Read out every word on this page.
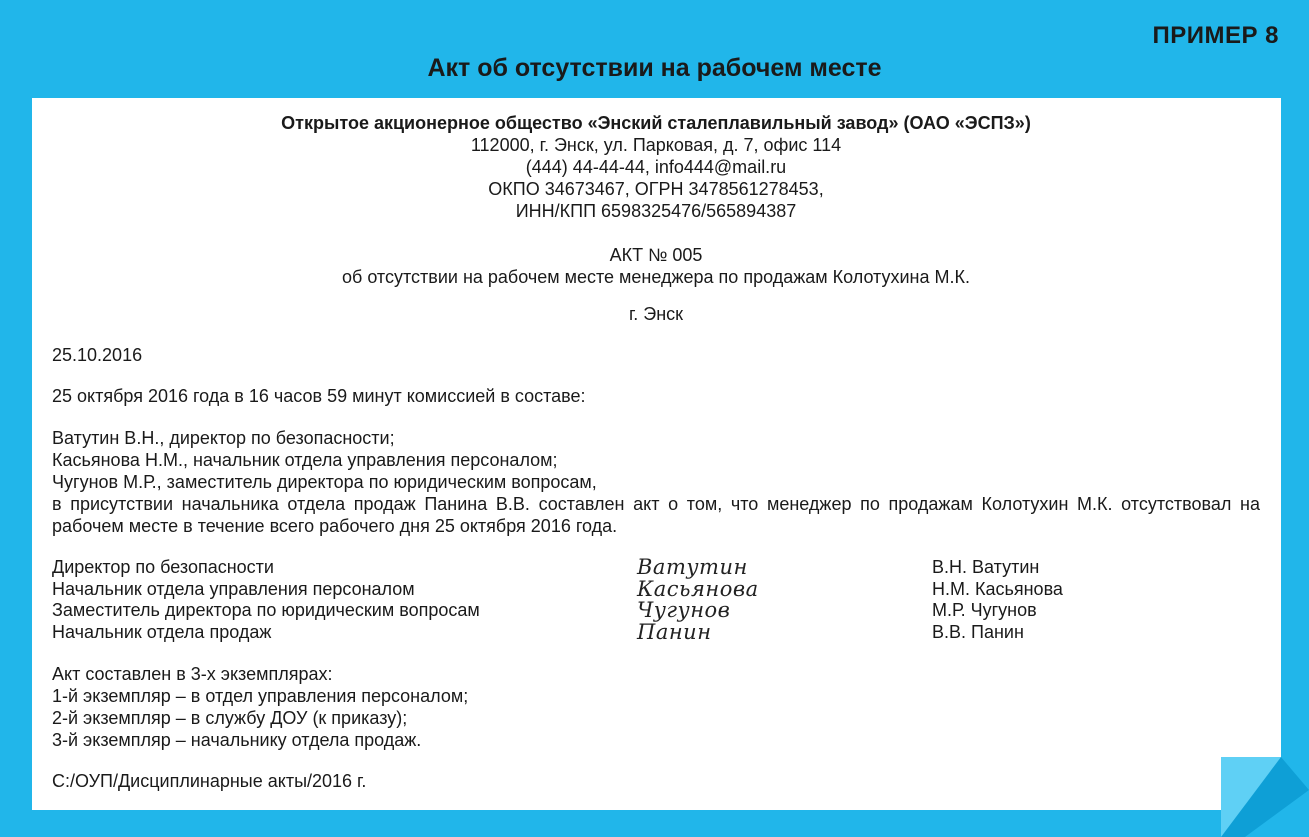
ПРИМЕР 8
Акт об отсутствии на рабочем месте
Открытое акционерное общество «Энский сталеплавильный завод» (ОАО «ЭСПЗ»)
112000, г. Энск, ул. Парковая, д. 7, офис 114
(444) 44-44-44, info444@mail.ru
ОКПО 34673467, ОГРН 3478561278453,
ИНН/КПП 6598325476/565894387
АКТ № 005
об отсутствии на рабочем месте менеджера по продажам Колотухина М.К.
г. Энск
25.10.2016
25 октября 2016 года в 16 часов 59 минут комиссией в составе:
Ватутин В.Н., директор по безопасности;
Касьянова Н.М., начальник отдела управления персоналом;
Чугунов М.Р., заместитель директора по юридическим вопросам,
в присутствии начальника отдела продаж Панина В.В. составлен акт о том, что менеджер по продажам Колотухин М.К. отсутствовал на рабочем месте в течение всего рабочего дня 25 октября 2016 года.
Директор по безопасности	Ватутин	В.Н. Ватутин
Начальник отдела управления персоналом	Касьянова	Н.М. Касьянова
Заместитель директора по юридическим вопросам	Чугунов	М.Р. Чугунов
Начальник отдела продаж	Панин	В.В. Панин
Акт составлен в 3-х экземплярах:
1-й экземпляр – в отдел управления персоналом;
2-й экземпляр – в службу ДОУ (к приказу);
3-й экземпляр – начальнику отдела продаж.
С:/ОУП/Дисциплинарные акты/2016 г.
